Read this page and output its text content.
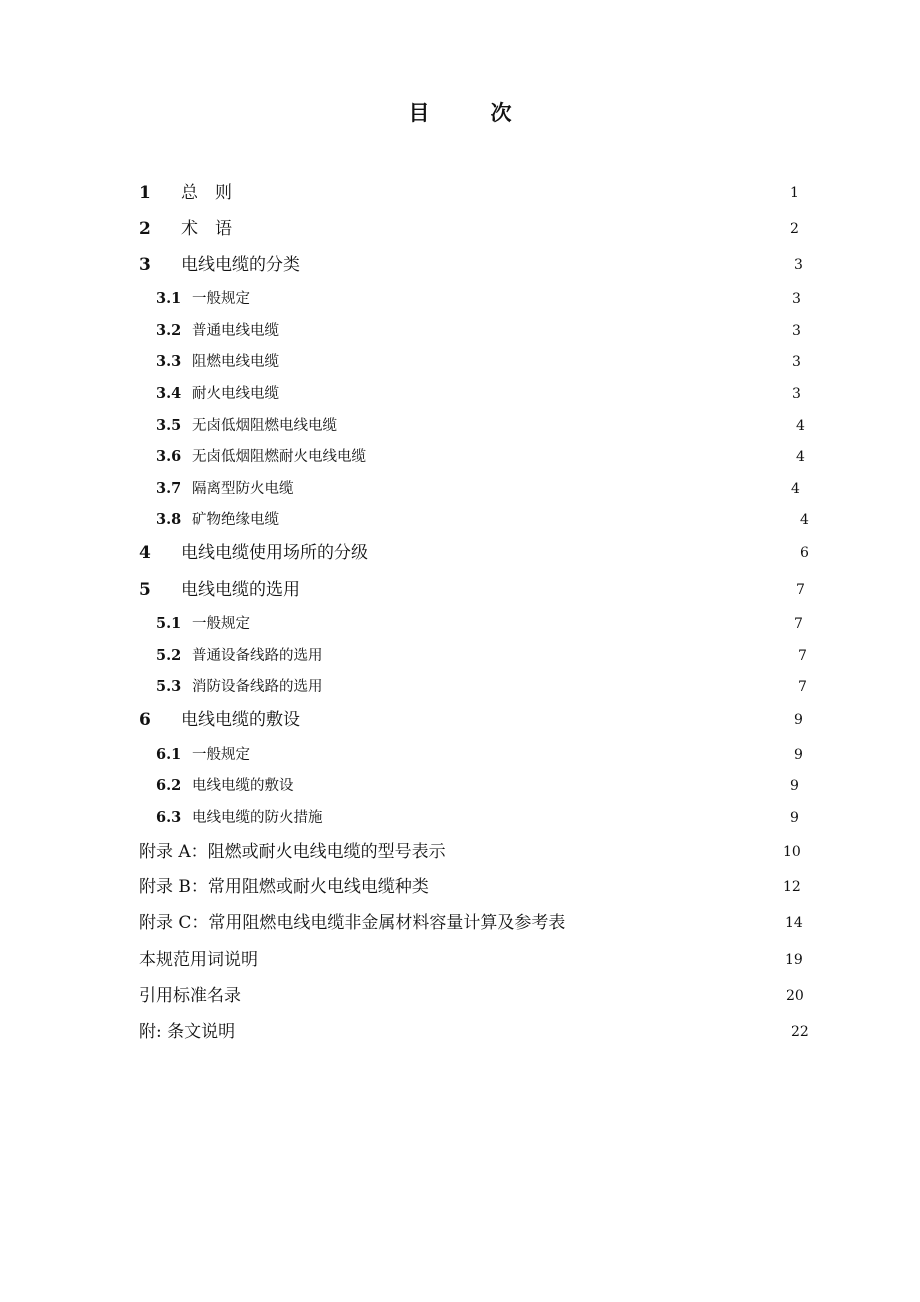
目　次
1 总　则	1
2 术　语	2
3 电线电缆的分类	3
3.1 一般规定	3
3.2 普通电线电缆	3
3.3 阻燃电线电缆	3
3.4 耐火电线电缆	3
3.5 无卤低烟阻燃电线电缆	4
3.6 无卤低烟阻燃耐火电线电缆	4
3.7 隔离型防火电缆	4
3.8 矿物绝缘电缆	4
4 电线电缆使用场所的分级	6
5 电线电缆的选用	7
5.1 一般规定	7
5.2 普通设备线路的选用	7
5.3 消防设备线路的选用	7
6 电线电缆的敷设	9
6.1 一般规定	9
6.2 电线电缆的敷设	9
6.3 电线电缆的防火措施	9
附录 A：阻燃或耐火电线电缆的型号表示	10
附录 B：常用阻燃或耐火电线电缆种类	12
附录 C：常用阻燃电线电缆非金属材料容量计算及参考表	14
本规范用词说明	19
引用标准名录	20
附: 条文说明	22
